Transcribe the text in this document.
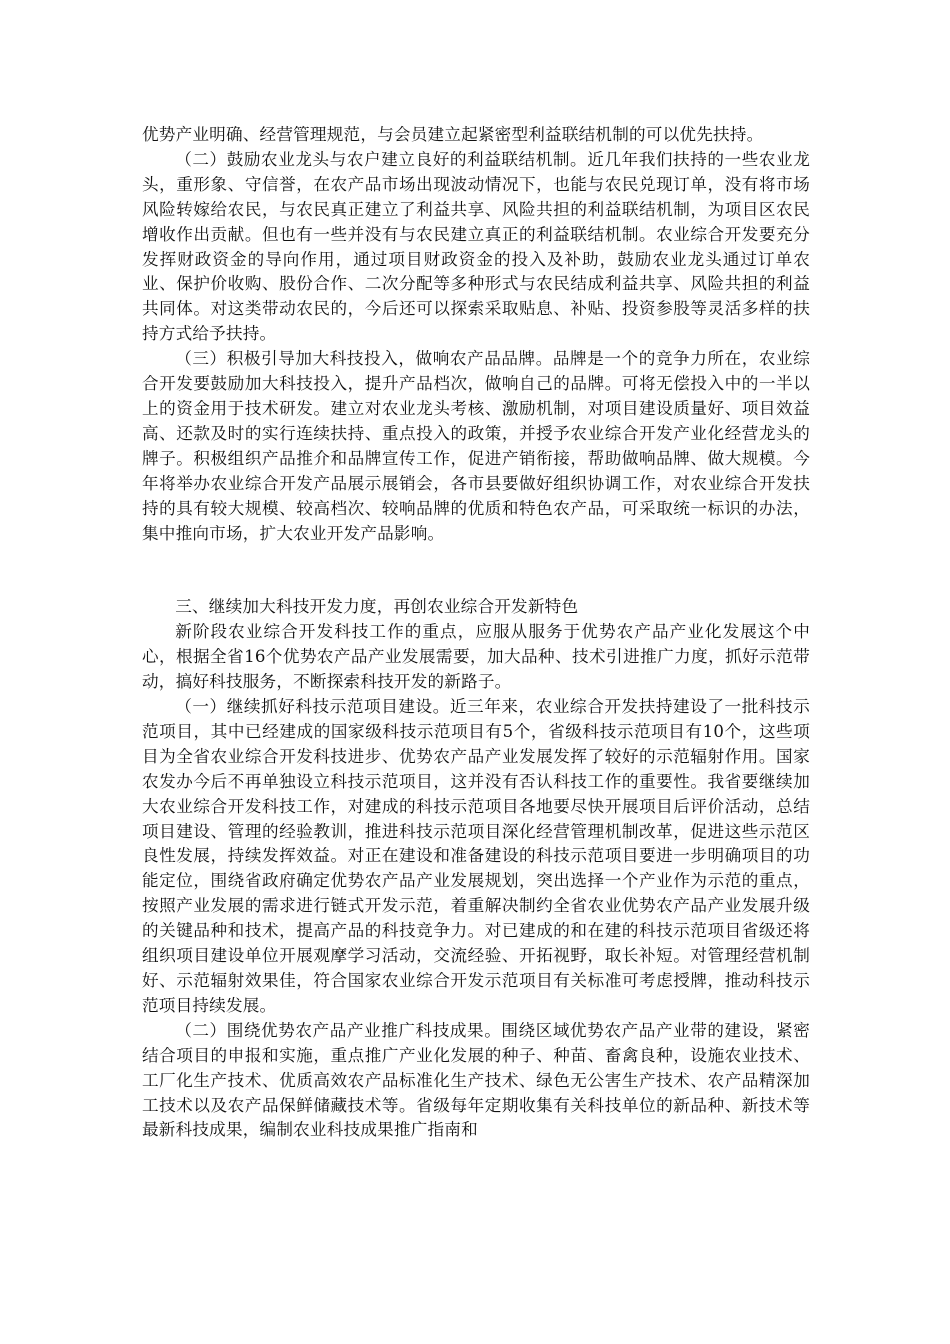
优势产业明确、经营管理规范，与会员建立起紧密型利益联结机制的可以优先扶持。

（二）鼓励农业龙头与农户建立良好的利益联结机制。近几年我们扶持的一些农业龙头，重形象、守信誉，在农产品市场出现波动情况下，也能与农民兑现订单，没有将市场风险转嫁给农民，与农民真正建立了利益共享、风险共担的利益联结机制，为项目区农民增收作出贡献。但也有一些并没有与农民建立真正的利益联结机制。农业综合开发要充分发挥财政资金的导向作用，通过项目财政资金的投入及补助，鼓励农业龙头通过订单农业、保护价收购、股份合作、二次分配等多种形式与农民结成利益共享、风险共担的利益共同体。对这类带动农民的，今后还可以探索采取贴息、补贴、投资参股等灵活多样的扶持方式给予扶持。

（三）积极引导加大科技投入，做响农产品品牌。品牌是一个的竞争力所在，农业综合开发要鼓励加大科技投入，提升产品档次，做响自己的品牌。可将无偿投入中的一半以上的资金用于技术研发。建立对农业龙头考核、激励机制，对项目建设质量好、项目效益高、还款及时的实行连续扶持、重点投入的政策，并授予农业综合开发产业化经营龙头的牌子。积极组织产品推介和品牌宣传工作，促进产销衔接，帮助做响品牌、做大规模。今年将举办农业综合开发产品展示展销会，各市县要做好组织协调工作，对农业综合开发扶持的具有较大规模、较高档次、较响品牌的优质和特色农产品，可采取统一标识的办法，集中推向市场，扩大农业开发产品影响。

三、继续加大科技开发力度，再创农业综合开发新特色

新阶段农业综合开发科技工作的重点，应服从服务于优势农产品产业化发展这个中心，根据全省16个优势农产品产业发展需要，加大品种、技术引进推广力度，抓好示范带动，搞好科技服务，不断探索科技开发的新路子。

（一）继续抓好科技示范项目建设。近三年来，农业综合开发扶持建设了一批科技示范项目，其中已经建成的国家级科技示范项目有5个，省级科技示范项目有10个，这些项目为全省农业综合开发科技进步、优势农产品产业发展发挥了较好的示范辐射作用。国家农发办今后不再单独设立科技示范项目，这并没有否认科技工作的重要性。我省要继续加大农业综合开发科技工作，对建成的科技示范项目各地要尽快开展项目后评价活动，总结项目建设、管理的经验教训，推进科技示范项目深化经营管理机制改革，促进这些示范区良性发展，持续发挥效益。对正在建设和准备建设的科技示范项目要进一步明确项目的功能定位，围绕省政府确定优势农产品产业发展规划，突出选择一个产业作为示范的重点，按照产业发展的需求进行链式开发示范，着重解决制约全省农业优势农产品产业发展升级的关键品种和技术，提高产品的科技竞争力。对已建成的和在建的科技示范项目省级还将组织项目建设单位开展观摩学习活动，交流经验、开拓视野，取长补短。对管理经营机制好、示范辐射效果佳，符合国家农业综合开发示范项目有关标准可考虑授牌，推动科技示范项目持续发展。

（二）围绕优势农产品产业推广科技成果。围绕区域优势农产品产业带的建设，紧密结合项目的申报和实施，重点推广产业化发展的种子、种苗、畜禽良种，设施农业技术、工厂化生产技术、优质高效农产品标准化生产技术、绿色无公害生产技术、农产品精深加工技术以及农产品保鲜储藏技术等。省级每年定期收集有关科技单位的新品种、新技术等最新科技成果，编制农业科技成果推广指南和
